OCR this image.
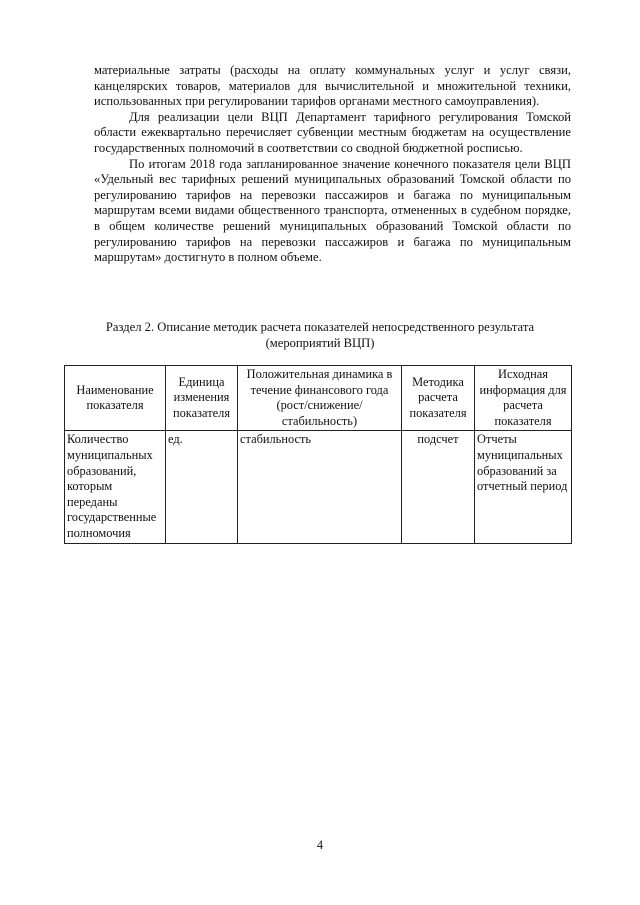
материальные затраты (расходы на оплату коммунальных услуг и услуг связи, канцелярских товаров, материалов для вычислительной и множительной техники, использованных при регулировании тарифов органами местного самоуправления).

Для реализации цели ВЦП Департамент тарифного регулирования Томской области ежеквартально перечисляет субвенции местным бюджетам на осуществление государственных полномочий в соответствии со сводной бюджетной росписью.

По итогам 2018 года запланированное значение конечного показателя цели ВЦП «Удельный вес тарифных решений муниципальных образований Томской области по регулированию тарифов на перевозки пассажиров и багажа по муниципальным маршрутам всеми видами общественного транспорта, отмененных в судебном порядке, в общем количестве решений муниципальных образований Томской области по регулированию тарифов на перевозки пассажиров и багажа по муниципальным маршрутам» достигнуто в полном объеме.

Раздел 2. Описание методик расчета показателей непосредственного результата
(мероприятий ВЦП)
Наименование показателя	Единица изменения показателя	Положительная динамика в течение финансового года (рост/снижение/стабильность)	Методика расчета показателя	Исходная информация для расчета показателя
Количество муниципальных образований, которым переданы государственные полномочия	ед.	стабильность	подсчет	Отчеты муниципальных образований за отчетный период
4
